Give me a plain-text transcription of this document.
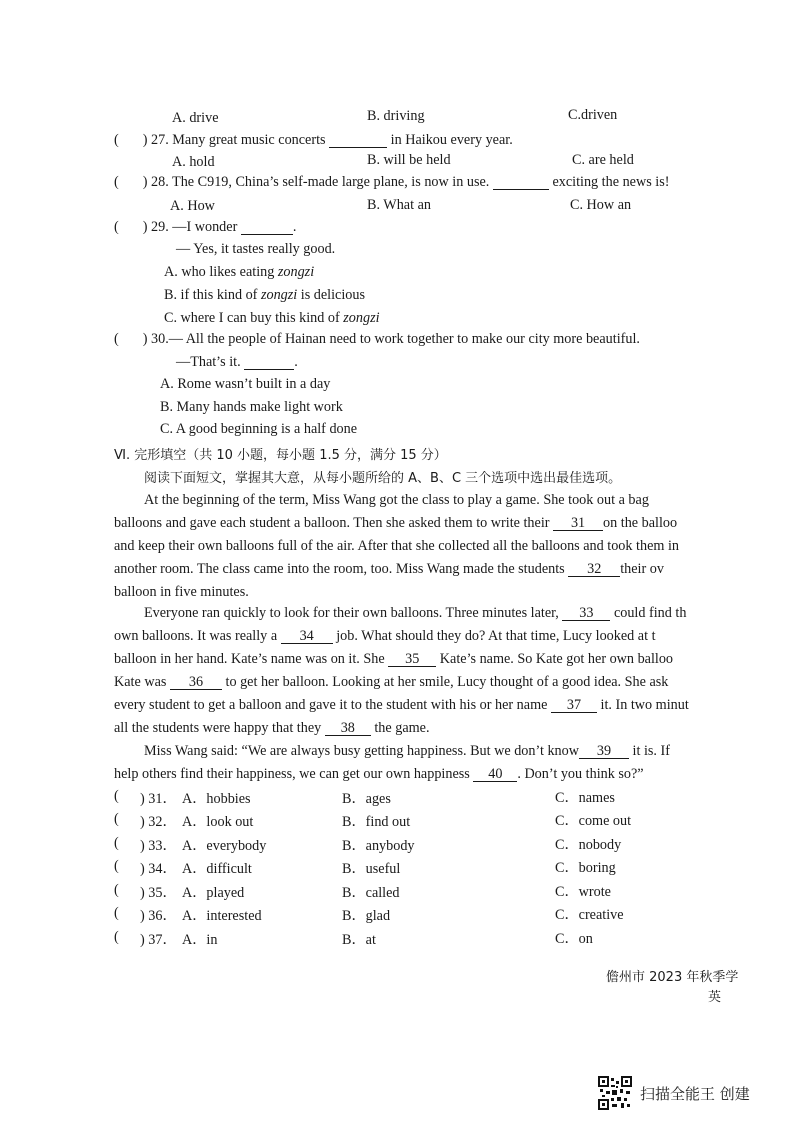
A. drive	B. driving	C.driven
( ) 27. Many great music concerts	in Haikou every year.
A. hold	B. will be held	C. are held
( ) 28. The C919, China’s self-made large plane, is now in use.	exciting the news is!
A. How	B. What an	C. How an
( ) 29. —I wonder	.
— Yes, it tastes really good.
A. who likes eating zongzi
B. if this kind of zongzi is delicious
C. where I can buy this kind of zongzi
( ) 30.— All the people of Hainan need to work together to make our city more beautiful.
—That’s it.	.
A. Rome wasn’t built in a day
B. Many hands make light work
C. A good beginning is a half done
Ⅵ. 完形填空（共 10 小题，每小题 1.5 分，满分 15 分）
阅读下面短文，掌握其大意，从每小题所给的 A、B、C 三个选项中选出最佳选项。
At the beginning of the term, Miss Wang got the class to play a game. She took out a bag
balloons and gave each student a balloon. Then she asked them to write their 31 on the balloo
and keep their own balloons full of the air. After that she collected all the balloons and took them in
another room. The class came into the room, too. Miss Wang made the students 32 their ov
balloon in five minutes.
Everyone ran quickly to look for their own balloons. Three minutes later, 33 could find th
own balloons. It was really a 34 job. What should they do? At that time, Lucy looked at t
balloon in her hand. Kate’s name was on it. She 35 Kate’s name. So Kate got her own balloo
Kate was 36 to get her balloon. Looking at her smile, Lucy thought of a good idea. She ask
every student to get a balloon and gave it to the student with his or her name 37 it. In two minut
all the students were happy that they 38 the game.
Miss Wang said: “We are always busy getting happiness. But we don’t know 39 it is. If
help others find their happiness, we can get our own happiness 40 . Don’t you think so?”
( ) 31． A．hobbies	B．ages	C．names
( ) 32． A．look out	B．find out	C．come out
( ) 33． A．everybody	B．anybody	C．nobody
( ) 34． A．difficult	B．useful	C．boring
( ) 35． A．played	B．called	C．wrote
( ) 36． A．interested	B．glad	C．creative
( ) 37． A．in	B．at	C．on
儋州市 2023 年秋季学
英
扫描全能王 创建
